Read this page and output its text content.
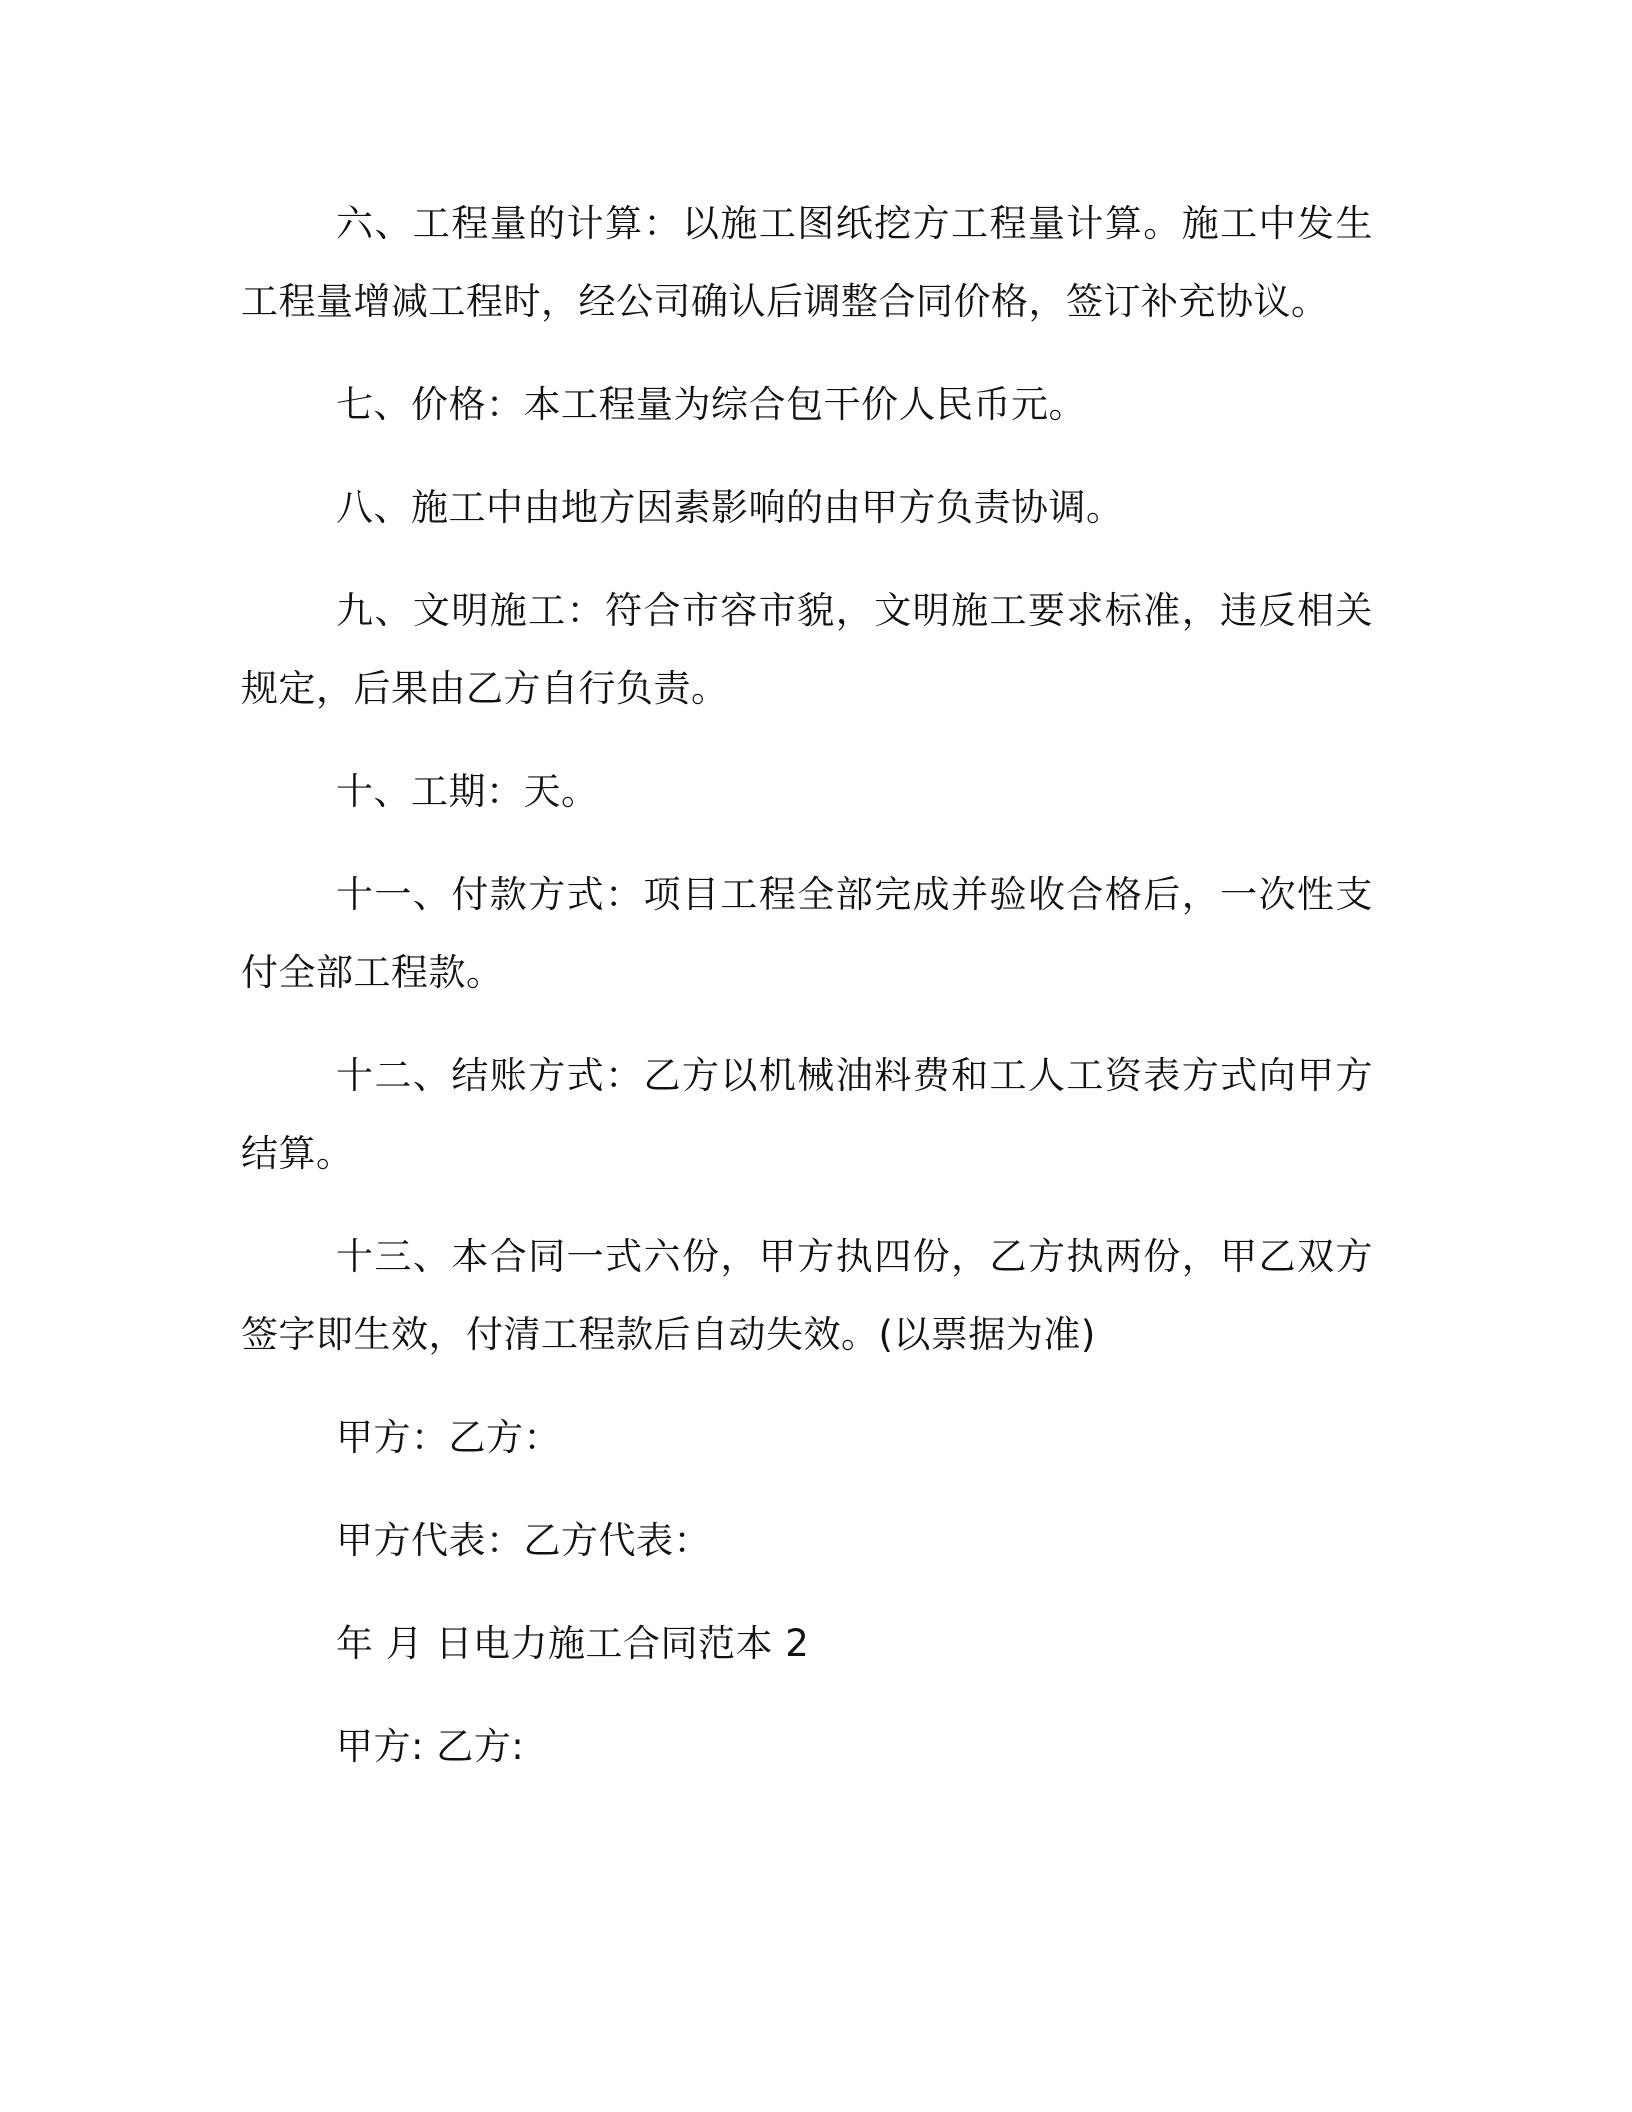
六、工程量的计算：以施工图纸挖方工程量计算。施工中发生工程量增减工程时，经公司确认后调整合同价格，签订补充协议。

七、价格：本工程量为综合包干价人民币元。

八、施工中由地方因素影响的由甲方负责协调。

九、文明施工：符合市容市貌，文明施工要求标准，违反相关规定，后果由乙方自行负责。

十、工期：天。

十一、付款方式：项目工程全部完成并验收合格后，一次性支付全部工程款。

十二、结账方式：乙方以机械油料费和工人工资表方式向甲方结算。

十三、本合同一式六份，甲方执四份，乙方执两份，甲乙双方签字即生效，付清工程款后自动失效。(以票据为准)

甲方：乙方：

甲方代表：乙方代表：

年 月 日电力施工合同范本 2

甲方: 乙方:
